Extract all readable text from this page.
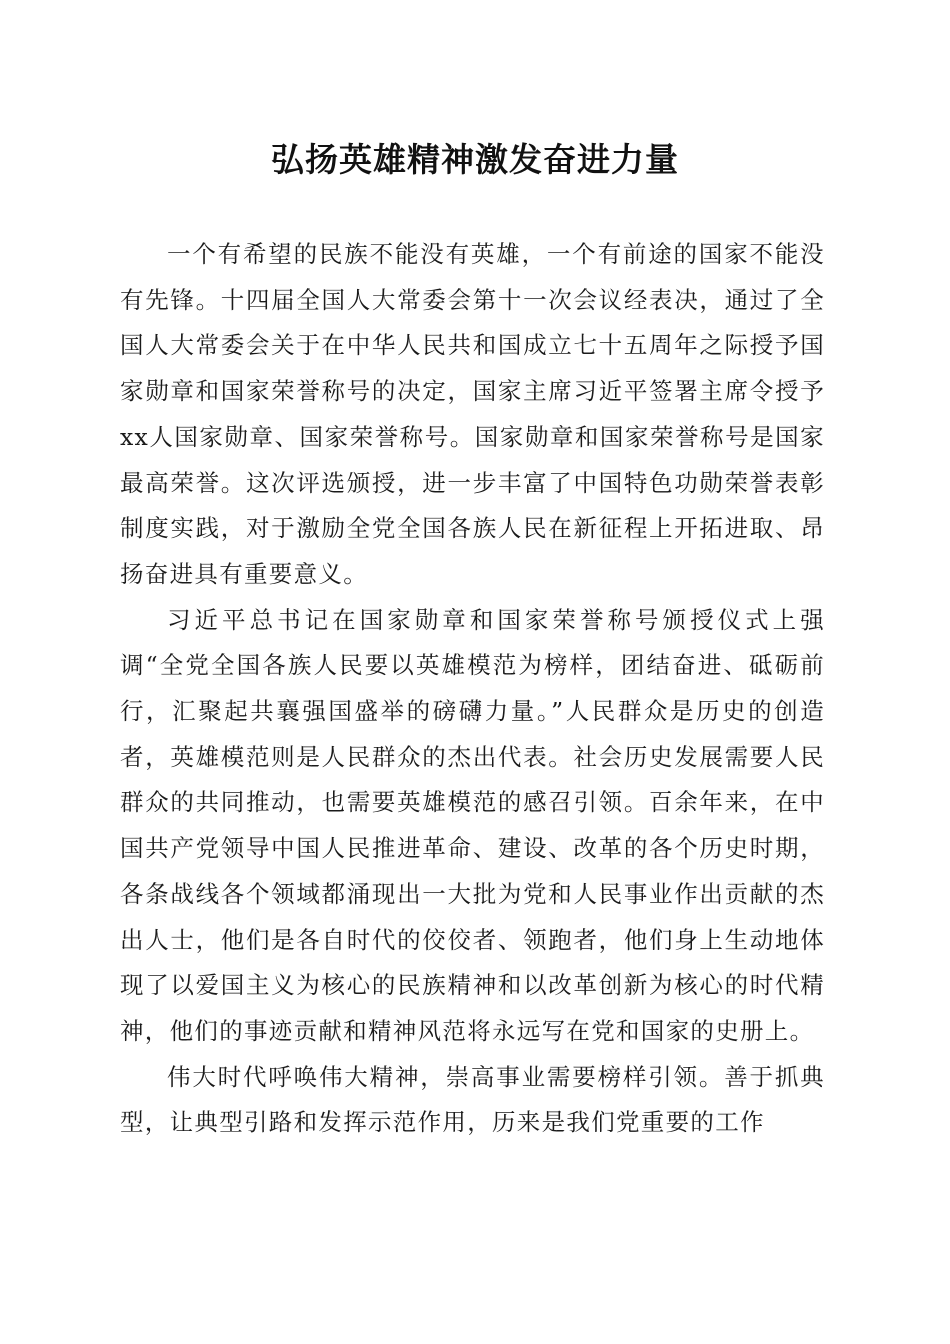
弘扬英雄精神激发奋进力量

一个有希望的民族不能没有英雄，一个有前途的国家不能没有先锋。十四届全国人大常委会第十一次会议经表决，通过了全国人大常委会关于在中华人民共和国成立七十五周年之际授予国家勋章和国家荣誉称号的决定，国家主席习近平签署主席令授予xx人国家勋章、国家荣誉称号。国家勋章和国家荣誉称号是国家最高荣誉。这次评选颁授，进一步丰富了中国特色功勋荣誉表彰制度实践，对于激励全党全国各族人民在新征程上开拓进取、昂扬奋进具有重要意义。

习近平总书记在国家勋章和国家荣誉称号颁授仪式上强调“全党全国各族人民要以英雄模范为榜样，团结奋进、砥砺前行，汇聚起共襄强国盛举的磅礴力量。”人民群众是历史的创造者，英雄模范则是人民群众的杰出代表。社会历史发展需要人民群众的共同推动，也需要英雄模范的感召引领。百余年来，在中国共产党领导中国人民推进革命、建设、改革的各个历史时期，各条战线各个领域都涌现出一大批为党和人民事业作出贡献的杰出人士，他们是各自时代的佼佼者、领跑者，他们身上生动地体现了以爱国主义为核心的民族精神和以改革创新为核心的时代精神，他们的事迹贡献和精神风范将永远写在党和国家的史册上。

伟大时代呼唤伟大精神，崇高事业需要榜样引领。善于抓典型，让典型引路和发挥示范作用，历来是我们党重要的工作
